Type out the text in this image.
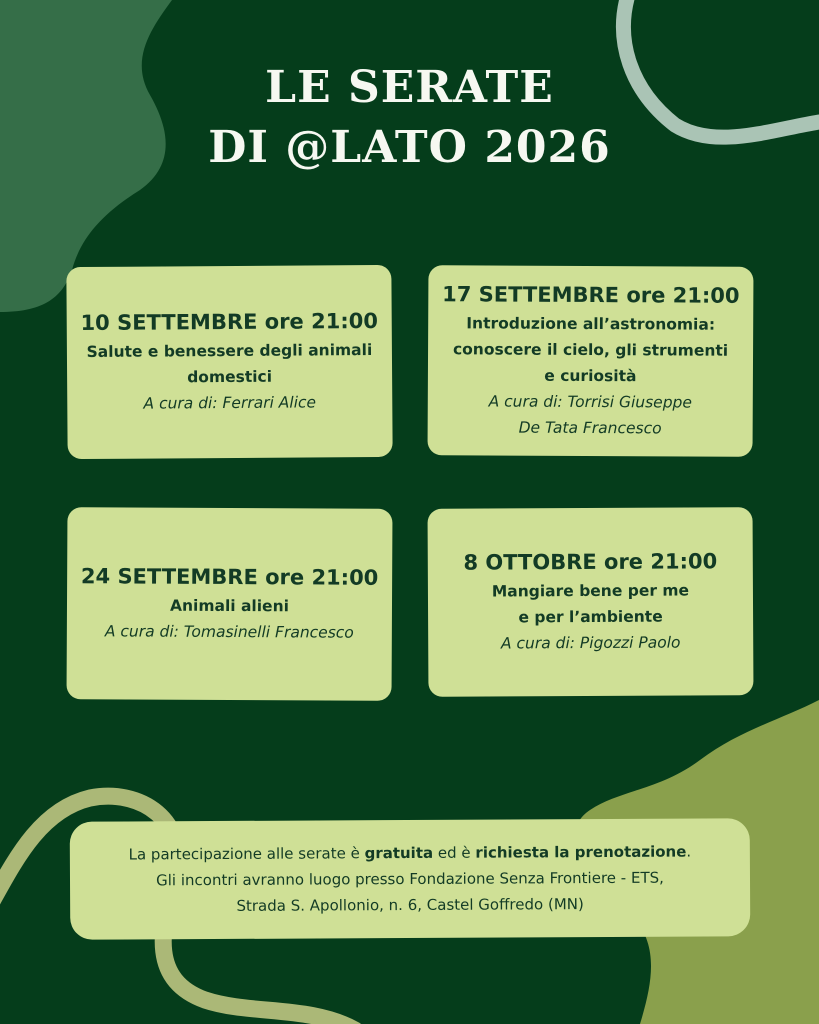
LE SERATE
DI @LATO 2026
10 SETTEMBRE ore 21:00
Salute e benessere degli animali
domestici
A cura di: Ferrari Alice
17 SETTEMBRE ore 21:00
Introduzione all’astronomia:
conoscere il cielo, gli strumenti
e curiosità
A cura di: Torrisi Giuseppe
De Tata Francesco
24 SETTEMBRE ore 21:00
Animali alieni
A cura di: Tomasinelli Francesco
8 OTTOBRE ore 21:00
Mangiare bene per me
e per l’ambiente
A cura di: Pigozzi Paolo
La partecipazione alle serate è gratuita ed è richiesta la prenotazione.
Gli incontri avranno luogo presso Fondazione Senza Frontiere - ETS,
Strada S. Apollonio, n. 6, Castel Goffredo (MN)
